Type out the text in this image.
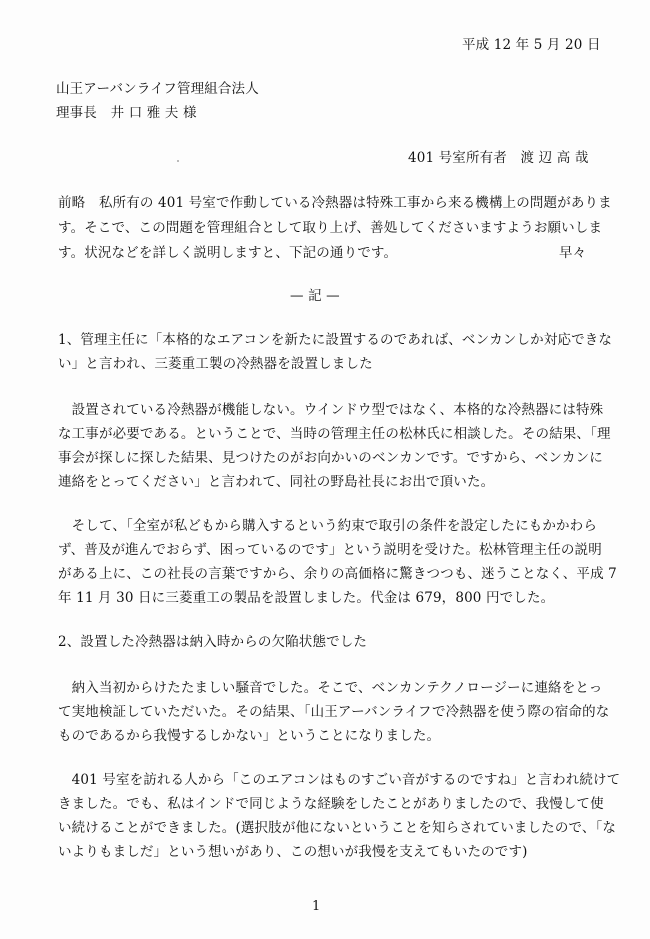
平成 12 年 5 月 20 日
山王アーバンライフ管理組合法人
理事長　井 口 雅 夫 様
401 号室所有者　渡 辺 高 哉
前略　私所有の 401 号室で作動している冷熱器は特殊工事から来る機構上の問題がありま
す。そこで、この問題を管理組合として取り上げ、善処してくださいますようお願いしま
す。状況などを詳しく説明しますと、下記の通りです。	早々
— 記 —
1、管理主任に「本格的なエアコンを新たに設置するのであれば、ベンカンしか対応できな
い」と言われ、三菱重工製の冷熱器を設置しました
　設置されている冷熱器が機能しない。ウインドウ型ではなく、本格的な冷熱器には特殊
な工事が必要である。ということで、当時の管理主任の松林氏に相談した。その結果、「理
事会が探しに探した結果、見つけたのがお向かいのベンカンです。ですから、ベンカンに
連絡をとってください」と言われて、同社の野島社長にお出で頂いた。
　そして、「全室が私どもから購入するという約束で取引の条件を設定したにもかかわら
ず、普及が進んでおらず、困っているのです」という説明を受けた。松林管理主任の説明
がある上に、この社長の言葉ですから、余りの高価格に驚きつつも、迷うことなく、平成 7
年 11 月 30 日に三菱重工の製品を設置しました。代金は 679，800 円でした。
2、設置した冷熱器は納入時からの欠陥状態でした
　納入当初からけたたましい騒音でした。そこで、ベンカンテクノロージーに連絡をとっ
て実地検証していただいた。その結果、「山王アーバンライフで冷熱器を使う際の宿命的な
ものであるから我慢するしかない」ということになりました。
　401 号室を訪れる人から「このエアコンはものすごい音がするのですね」と言われ続けて
きました。でも、私はインドで同じような経験をしたことがありましたので、我慢して使
い続けることができました。(選択肢が他にないということを知らされていましたので、「な
いよりもましだ」という想いがあり、この想いが我慢を支えてもいたのです)
1
